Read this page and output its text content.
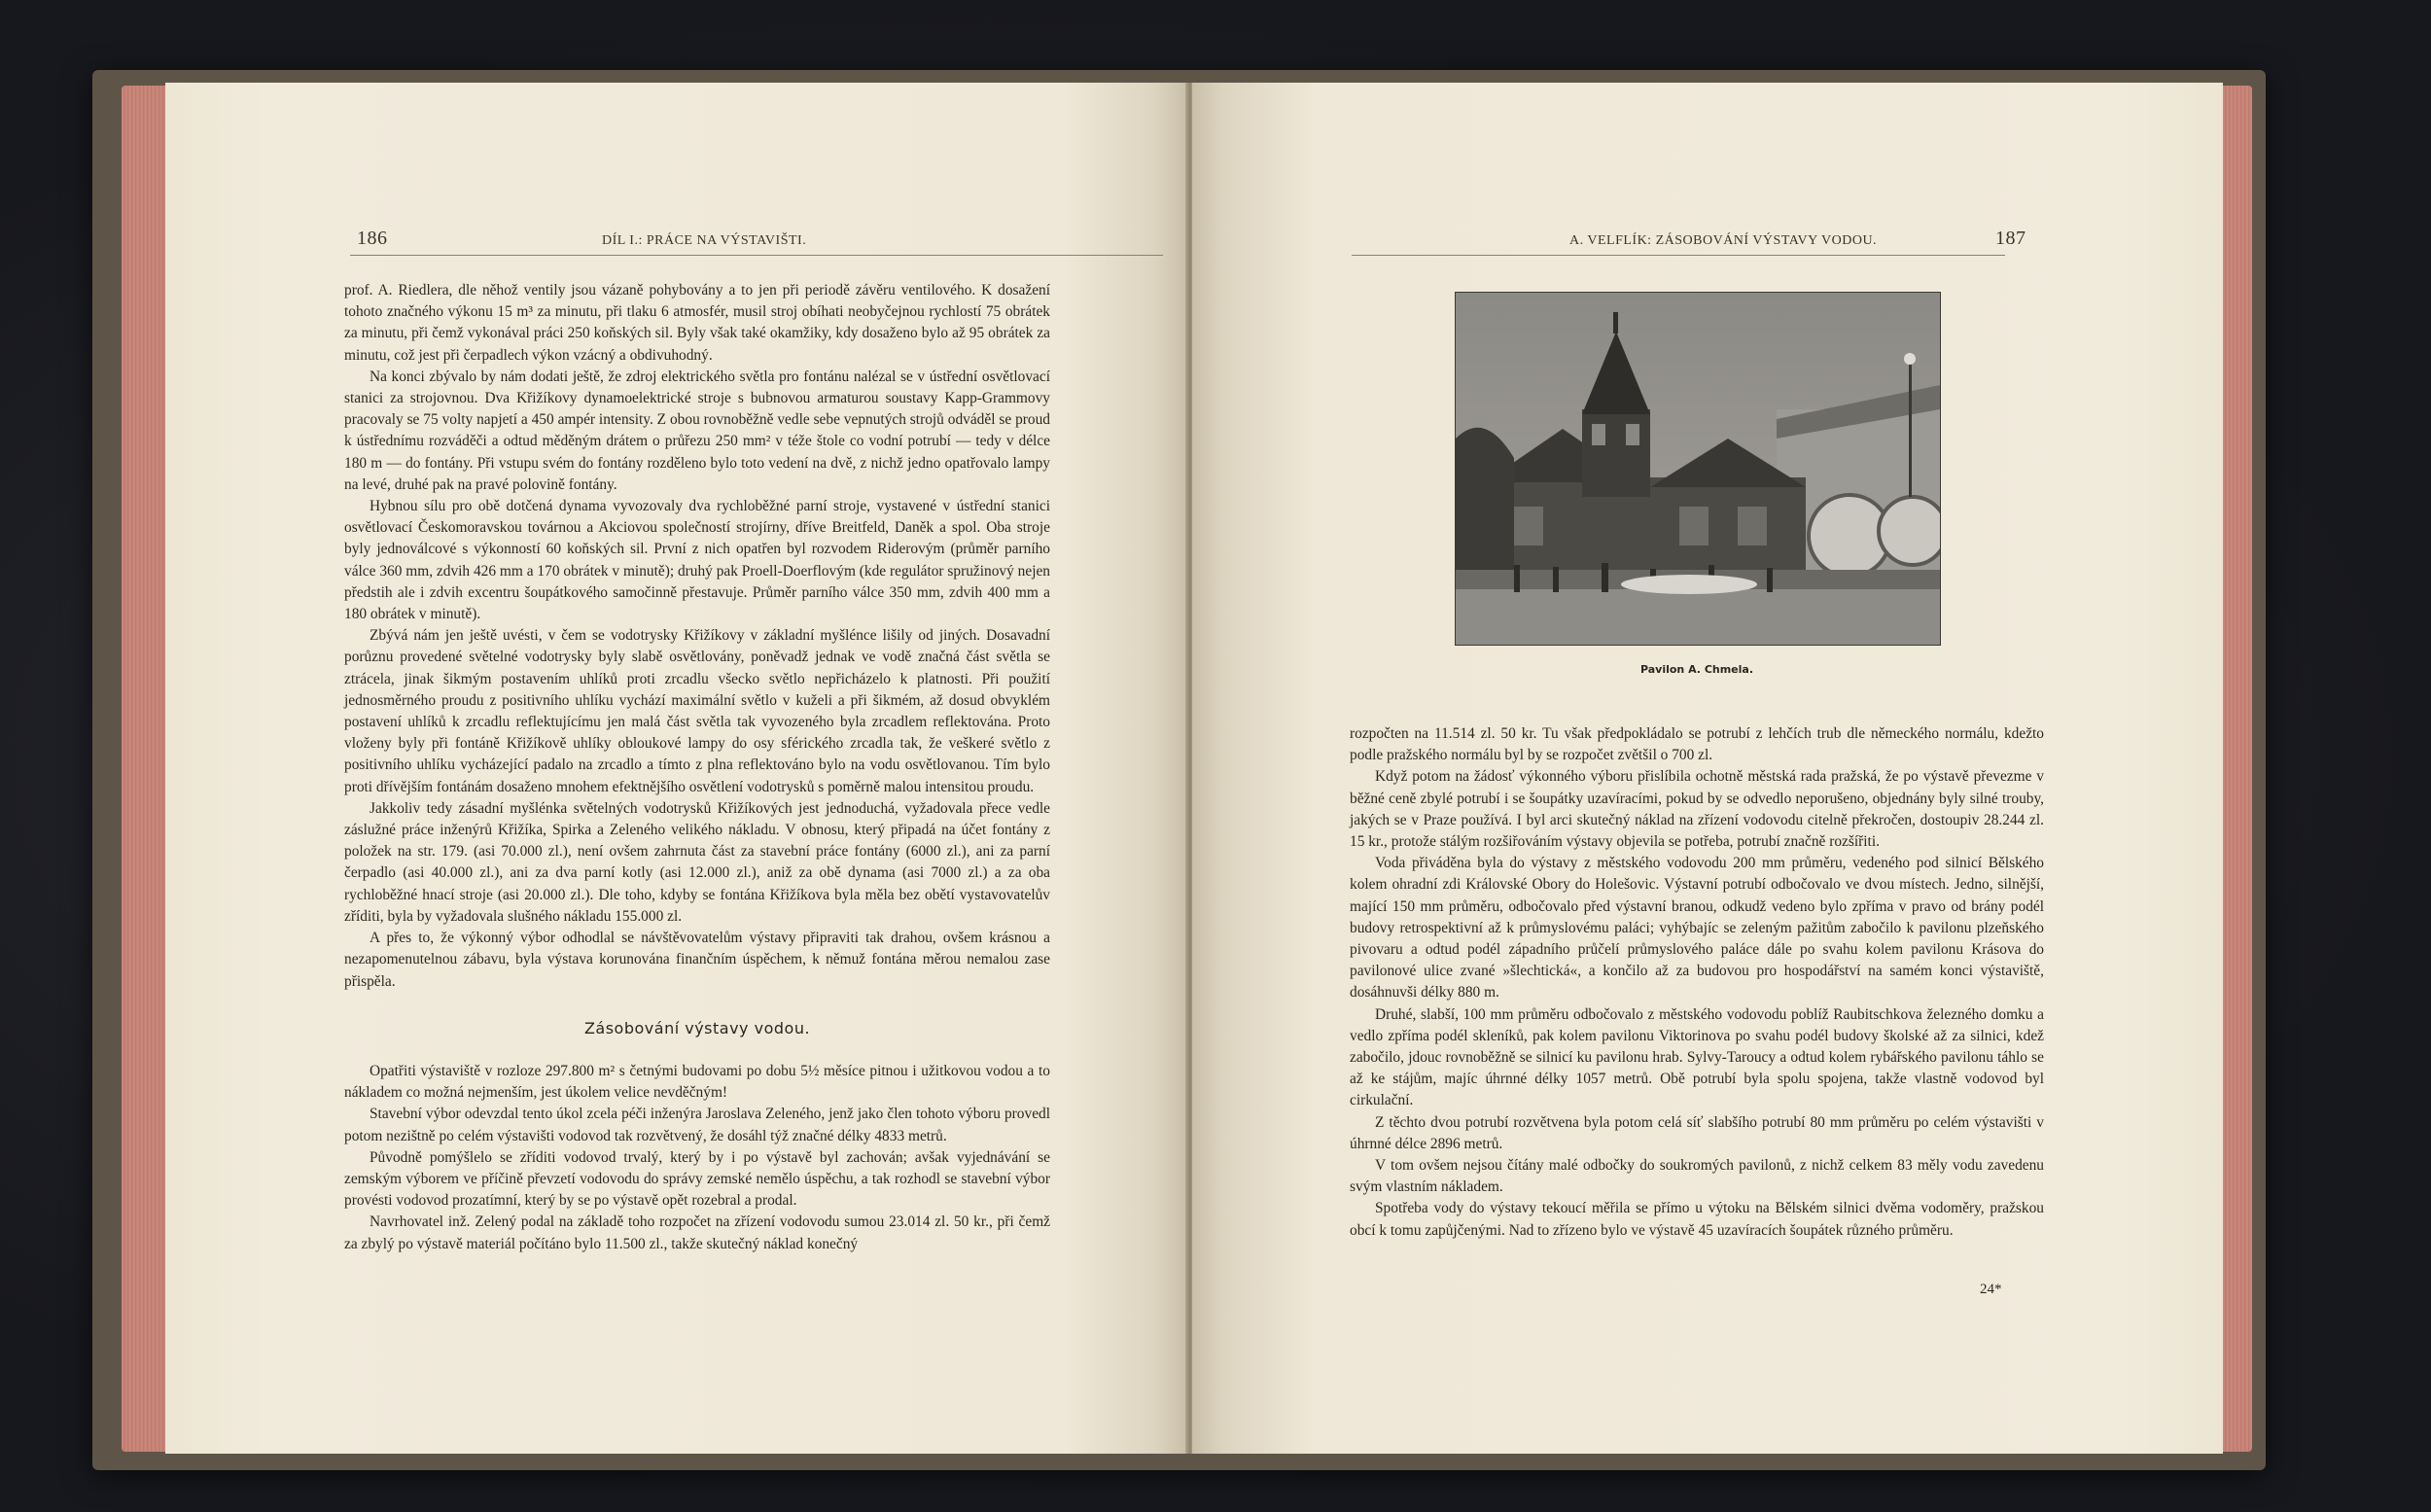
186	DÍL I.: PRÁCE NA VÝSTAVIŠTI.

prof. A. Riedlera, dle něhož ventily jsou vázaně pohybovány a to jen při periodě závěru ventilového. K dosažení tohoto značného výkonu 15 m³ za minutu, při tlaku 6 atmosfér, musil stroj obíhati neobyčejnou rychlostí 75 obrátek za minutu, při čemž vykonával práci 250 koňských sil. Byly však také okamžiky, kdy dosaženo bylo až 95 obrátek za minutu, což jest při čerpadlech výkon vzácný a obdivuhodný.

Na konci zbývalo by nám dodati ještě, že zdroj elektrického světla pro fontánu nalézal se v ústřední osvětlovací stanici za strojovnou. Dva Křižíkovy dynamoelektrické stroje s bubnovou armaturou soustavy Kapp-Grammovy pracovaly se 75 volty napjetí a 450 ampér intensity. Z obou rovnoběžně vedle sebe vepnutých strojů odváděl se proud k ústřednímu rozváděči a odtud měděným drátem o průřezu 250 mm² v téže štole co vodní potrubí — tedy v délce 180 m — do fontány. Při vstupu svém do fontány rozděleno bylo toto vedení na dvě, z nichž jedno opatřovalo lampy na levé, druhé pak na pravé polovině fontány.

Hybnou sílu pro obě dotčená dynama vyvozovaly dva rychloběžné parní stroje, vystavené v ústřední stanici osvětlovací Českomoravskou továrnou a Akciovou společností strojírny, dříve Breitfeld, Daněk a spol. Oba stroje byly jednoválcové s výkonností 60 koňských sil. První z nich opatřen byl rozvodem Riderovým (průměr parního válce 360 mm, zdvih 426 mm a 170 obrátek v minutě); druhý pak Proell-Doerflovým (kde regulátor spružinový nejen předstih ale i zdvih excentru šoupátkového samočinně přestavuje. Průměr parního válce 350 mm, zdvih 400 mm a 180 obrátek v minutě).

Zbývá nám jen ještě uvésti, v čem se vodotrysky Křižíkovy v základní myšlénce lišily od jiných. Dosavadní porůznu provedené světelné vodotrysky byly slabě osvětlovány, poněvadž jednak ve vodě značná část světla se ztrácela, jinak šikmým postavením uhlíků proti zrcadlu všecko světlo nepřicházelo k platnosti. Při použití jednosměrného proudu z positivního uhlíku vychází maximální světlo v kuželi a při šikmém, až dosud obvyklém postavení uhlíků k zrcadlu reflektujícímu jen malá část světla tak vyvozeného byla zrcadlem reflektována. Proto vloženy byly při fontáně Křižíkově uhlíky obloukové lampy do osy sférického zrcadla tak, že veškeré světlo z positivního uhlíku vycházející padalo na zrcadlo a tímto z plna reflektováno bylo na vodu osvětlovanou. Tím bylo proti dřívějším fontánám dosaženo mnohem efektnějšího osvětlení vodotrysků s poměrně malou intensitou proudu.

Jakkoliv tedy zásadní myšlénka světelných vodotrysků Křižíkových jest jednoduchá, vyžadovala přece vedle záslužné práce inženýrů Křižíka, Spirka a Zeleného velikého nákladu. V obnosu, který připadá na účet fontány z položek na str. 179. (asi 70.000 zl.), není ovšem zahrnuta část za stavební práce fontány (6000 zl.), ani za parní čerpadlo (asi 40.000 zl.), ani za dva parní kotly (asi 12.000 zl.), aniž za obě dynama (asi 7000 zl.) a za oba rychloběžné hnací stroje (asi 20.000 zl.). Dle toho, kdyby se fontána Křižíkova byla měla bez obětí vystavovatelův zříditi, byla by vyžadovala slušného nákladu 155.000 zl.

A přes to, že výkonný výbor odhodlal se návštěvovatelům výstavy připraviti tak drahou, ovšem krásnou a nezapomenutelnou zábavu, byla výstava korunována finančním úspěchem, k němuž fontána měrou nemalou zase přispěla.

Zásobování výstavy vodou.

Opatřiti výstaviště v rozloze 297.800 m² s četnými budovami po dobu 5½ měsíce pitnou i užitkovou vodou a to nákladem co možná nejmenším, jest úkolem velice nevděčným!

Stavební výbor odevzdal tento úkol zcela péči inženýra Jaroslava Zeleného, jenž jako člen tohoto výboru provedl potom nezištně po celém výstavišti vodovod tak rozvětvený, že dosáhl týž značné délky 4833 metrů.

Původně pomýšlelo se zříditi vodovod trvalý, který by i po výstavě byl zachován; avšak vyjednávání se zemským výborem ve příčině převzetí vodovodu do správy zemské nemělo úspěchu, a tak rozhodl se stavební výbor provésti vodovod prozatímní, který by se po výstavě opět rozebral a prodal.

Navrhovatel inž. Zelený podal na základě toho rozpočet na zřízení vodovodu sumou 23.014 zl. 50 kr., při čemž za zbylý po výstavě materiál počítáno bylo 11.500 zl., takže skutečný náklad konečný

A. VELFLÍK: ZÁSOBOVÁNÍ VÝSTAVY VODOU.	187
Pavilon A. Chmela.

rozpočten na 11.514 zl. 50 kr. Tu však předpokládalo se potrubí z lehčích trub dle německého normálu, kdežto podle pražského normálu byl by se rozpočet zvětšil o 700 zl.

Když potom na žádosť výkonného výboru přislíbila ochotně městská rada pražská, že po výstavě převezme v běžné ceně zbylé potrubí i se šoupátky uzavíracími, pokud by se odvedlo neporušeno, objednány byly silné trouby, jakých se v Praze používá. I byl arci skutečný náklad na zřízení vodovodu citelně překročen, dostoupiv 28.244 zl. 15 kr., protože stálým rozšiřováním výstavy objevila se potřeba, potrubí značně rozšířiti.

Voda přiváděna byla do výstavy z městského vodovodu 200 mm průměru, vedeného pod silnicí Bělského kolem ohradní zdi Královské Obory do Holešovic. Výstavní potrubí odbočovalo ve dvou místech. Jedno, silnější, mající 150 mm průměru, odbočovalo před výstavní branou, odkudž vedeno bylo zpříma v pravo od brány podél budovy retrospektivní až k průmyslovému paláci; vyhýbajíc se zeleným pažitům zabočilo k pavilonu plzeňského pivovaru a odtud podél západního průčelí průmyslového paláce dále po svahu kolem pavilonu Krásova do pavilonové ulice zvané »šlechtická«, a končilo až za budovou pro hospodářství na samém konci výstaviště, dosáhnuvši délky 880 m.

Druhé, slabší, 100 mm průměru odbočovalo z městského vodovodu poblíž Raubitschkova železného domku a vedlo zpříma podél skleníků, pak kolem pavilonu Viktorinova po svahu podél budovy školské až za silnici, kdež zabočilo, jdouc rovnoběžně se silnicí ku pavilonu hrab. Sylvy-Taroucy a odtud kolem rybářského pavilonu táhlo se až ke stájům, majíc úhrnné délky 1057 metrů. Obě potrubí byla spolu spojena, takže vlastně vodovod byl cirkulační.

Z těchto dvou potrubí rozvětvena byla potom celá síť slabšího potrubí 80 mm průměru po celém výstavišti v úhrnné délce 2896 metrů.

V tom ovšem nejsou čítány malé odbočky do soukromých pavilonů, z nichž celkem 83 měly vodu zavedenu svým vlastním nákladem.

Spotřeba vody do výstavy tekoucí měřila se přímo u výtoku na Bělském silnici dvěma vodoměry, pražskou obcí k tomu zapůjčenými. Nad to zřízeno bylo ve výstavě 45 uzavíracích šoupátek různého průměru.

24*
